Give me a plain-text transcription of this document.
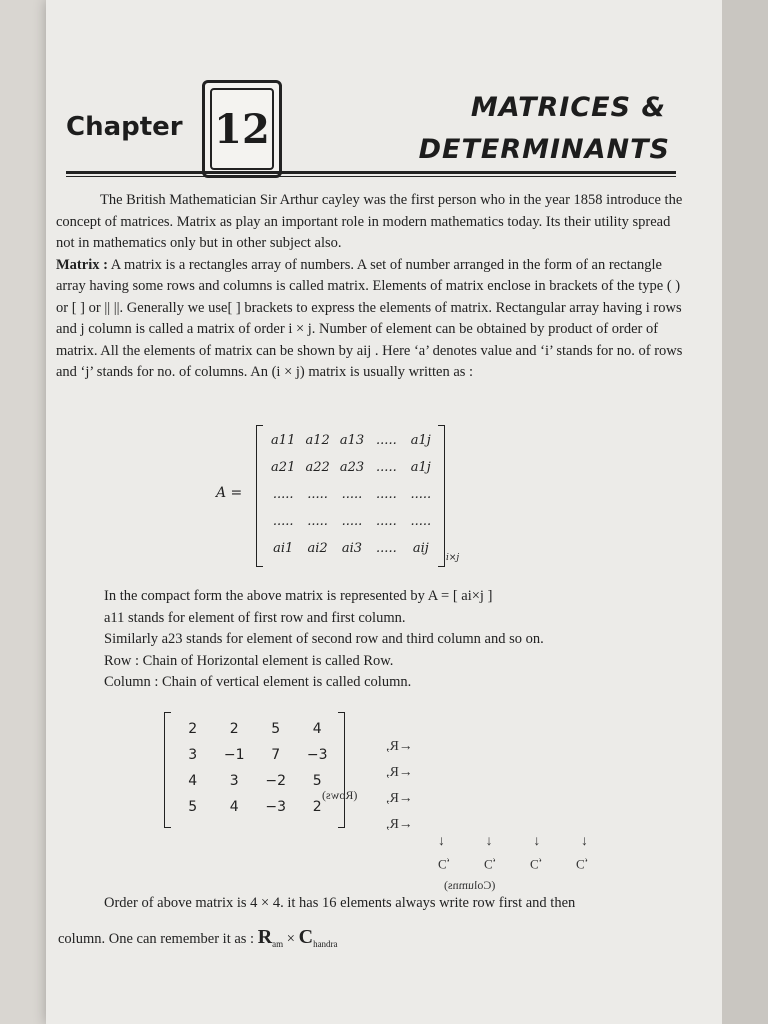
Chapter 12	MATRICES &
DETERMINANTS

The British Mathematician Sir Arthur cayley was the first person who in the year 1858 introduce the concept of matrices. Matrix as play an important role in modern mathematics today. Its their utility spread not in mathematics only but in other subject also.

Matrix : A matrix is a rectangles array of numbers. A set of number arranged in the form of an rectangle array having some rows and columns is called matrix. Elements of matrix enclose in brackets of the type ( ) or [ ] or || ||. Generally we use[ ] brackets to express the elements of matrix. Rectangular array having i rows and j column is called a matrix of order i × j. Number of element can be obtained by product of order of matrix. All the elements of matrix can be shown by aij . Here ‘a’ denotes value and ‘i’ stands for no. of rows and ‘j’ stands for no. of columns. An (i × j) matrix is usually written as :

A =
a11 a12 a13 .....	a1j
a21 a22 a23 .....	a1j
.....	.....	.....	.....	.....
.....	.....	.....	.....	.....
ai1	ai2	ai3	.....	aij
i×j

In the compact form the above matrix is represented by A = [ ai×j ]

a11 stands for element of first row and first column.

Similarly a23 stands for element of second row and third column and so on.

Row : Chain of Horizontal element is called Row.

Column : Chain of vertical element is called column.

2	2	5	4
3	−1	7	−3
4	3	−2	5
5	4	−3	2
(Rows)
←R,
←R,
←R,
←R,
↓	↓	↓	↓
C,	C,	C,	C,
(Columns)
Order of above matrix is 4 × 4. it has 16 elements always write row first and then
column. One can remember it as : $R_{am} \times C_{handra}$
